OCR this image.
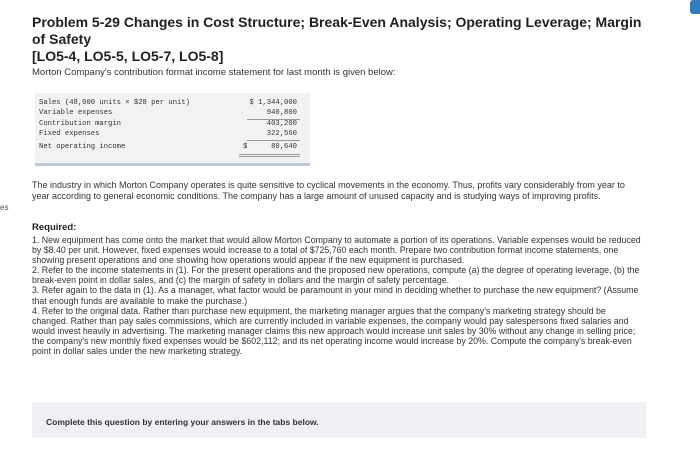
es
Problem 5-29 Changes in Cost Structure; Break-Even Analysis; Operating Leverage; Margin of Safety
[LO5-4, LO5-5, LO5-7, LO5-8]
Morton Company's contribution format income statement for last month is given below:
Sales (48,000 units × $28 per unit)	$ 1,344,000
Variable expenses	940,800
Contribution margin	403,200
Fixed expenses	322,560
Net operating income	$	80,640
The industry in which Morton Company operates is quite sensitive to cyclical movements in the economy. Thus, profits vary considerably from year to year according to general economic conditions. The company has a large amount of unused capacity and is studying ways of improving profits.
Required:

1. New equipment has come onto the market that would allow Morton Company to automate a portion of its operations. Variable expenses would be reduced by $8.40 per unit. However, fixed expenses would increase to a total of $725,760 each month. Prepare two contribution format income statements, one showing present operations and one showing how operations would appear if the new equipment is purchased.

2. Refer to the income statements in (1). For the present operations and the proposed new operations, compute (a) the degree of operating leverage, (b) the break-even point in dollar sales, and (c) the margin of safety in dollars and the margin of safety percentage.

3. Refer again to the data in (1). As a manager, what factor would be paramount in your mind in deciding whether to purchase the new equipment? (Assume that enough funds are available to make the purchase.)

4. Refer to the original data. Rather than purchase new equipment, the marketing manager argues that the company's marketing strategy should be changed. Rather than pay sales commissions, which are currently included in variable expenses, the company would pay salespersons fixed salaries and would invest heavily in advertising. The marketing manager claims this new approach would increase unit sales by 30% without any change in selling price; the company's new monthly fixed expenses would be $602,112; and its net operating income would increase by 20%. Compute the company's break-even point in dollar sales under the new marketing strategy.

Complete this question by entering your answers in the tabs below.
